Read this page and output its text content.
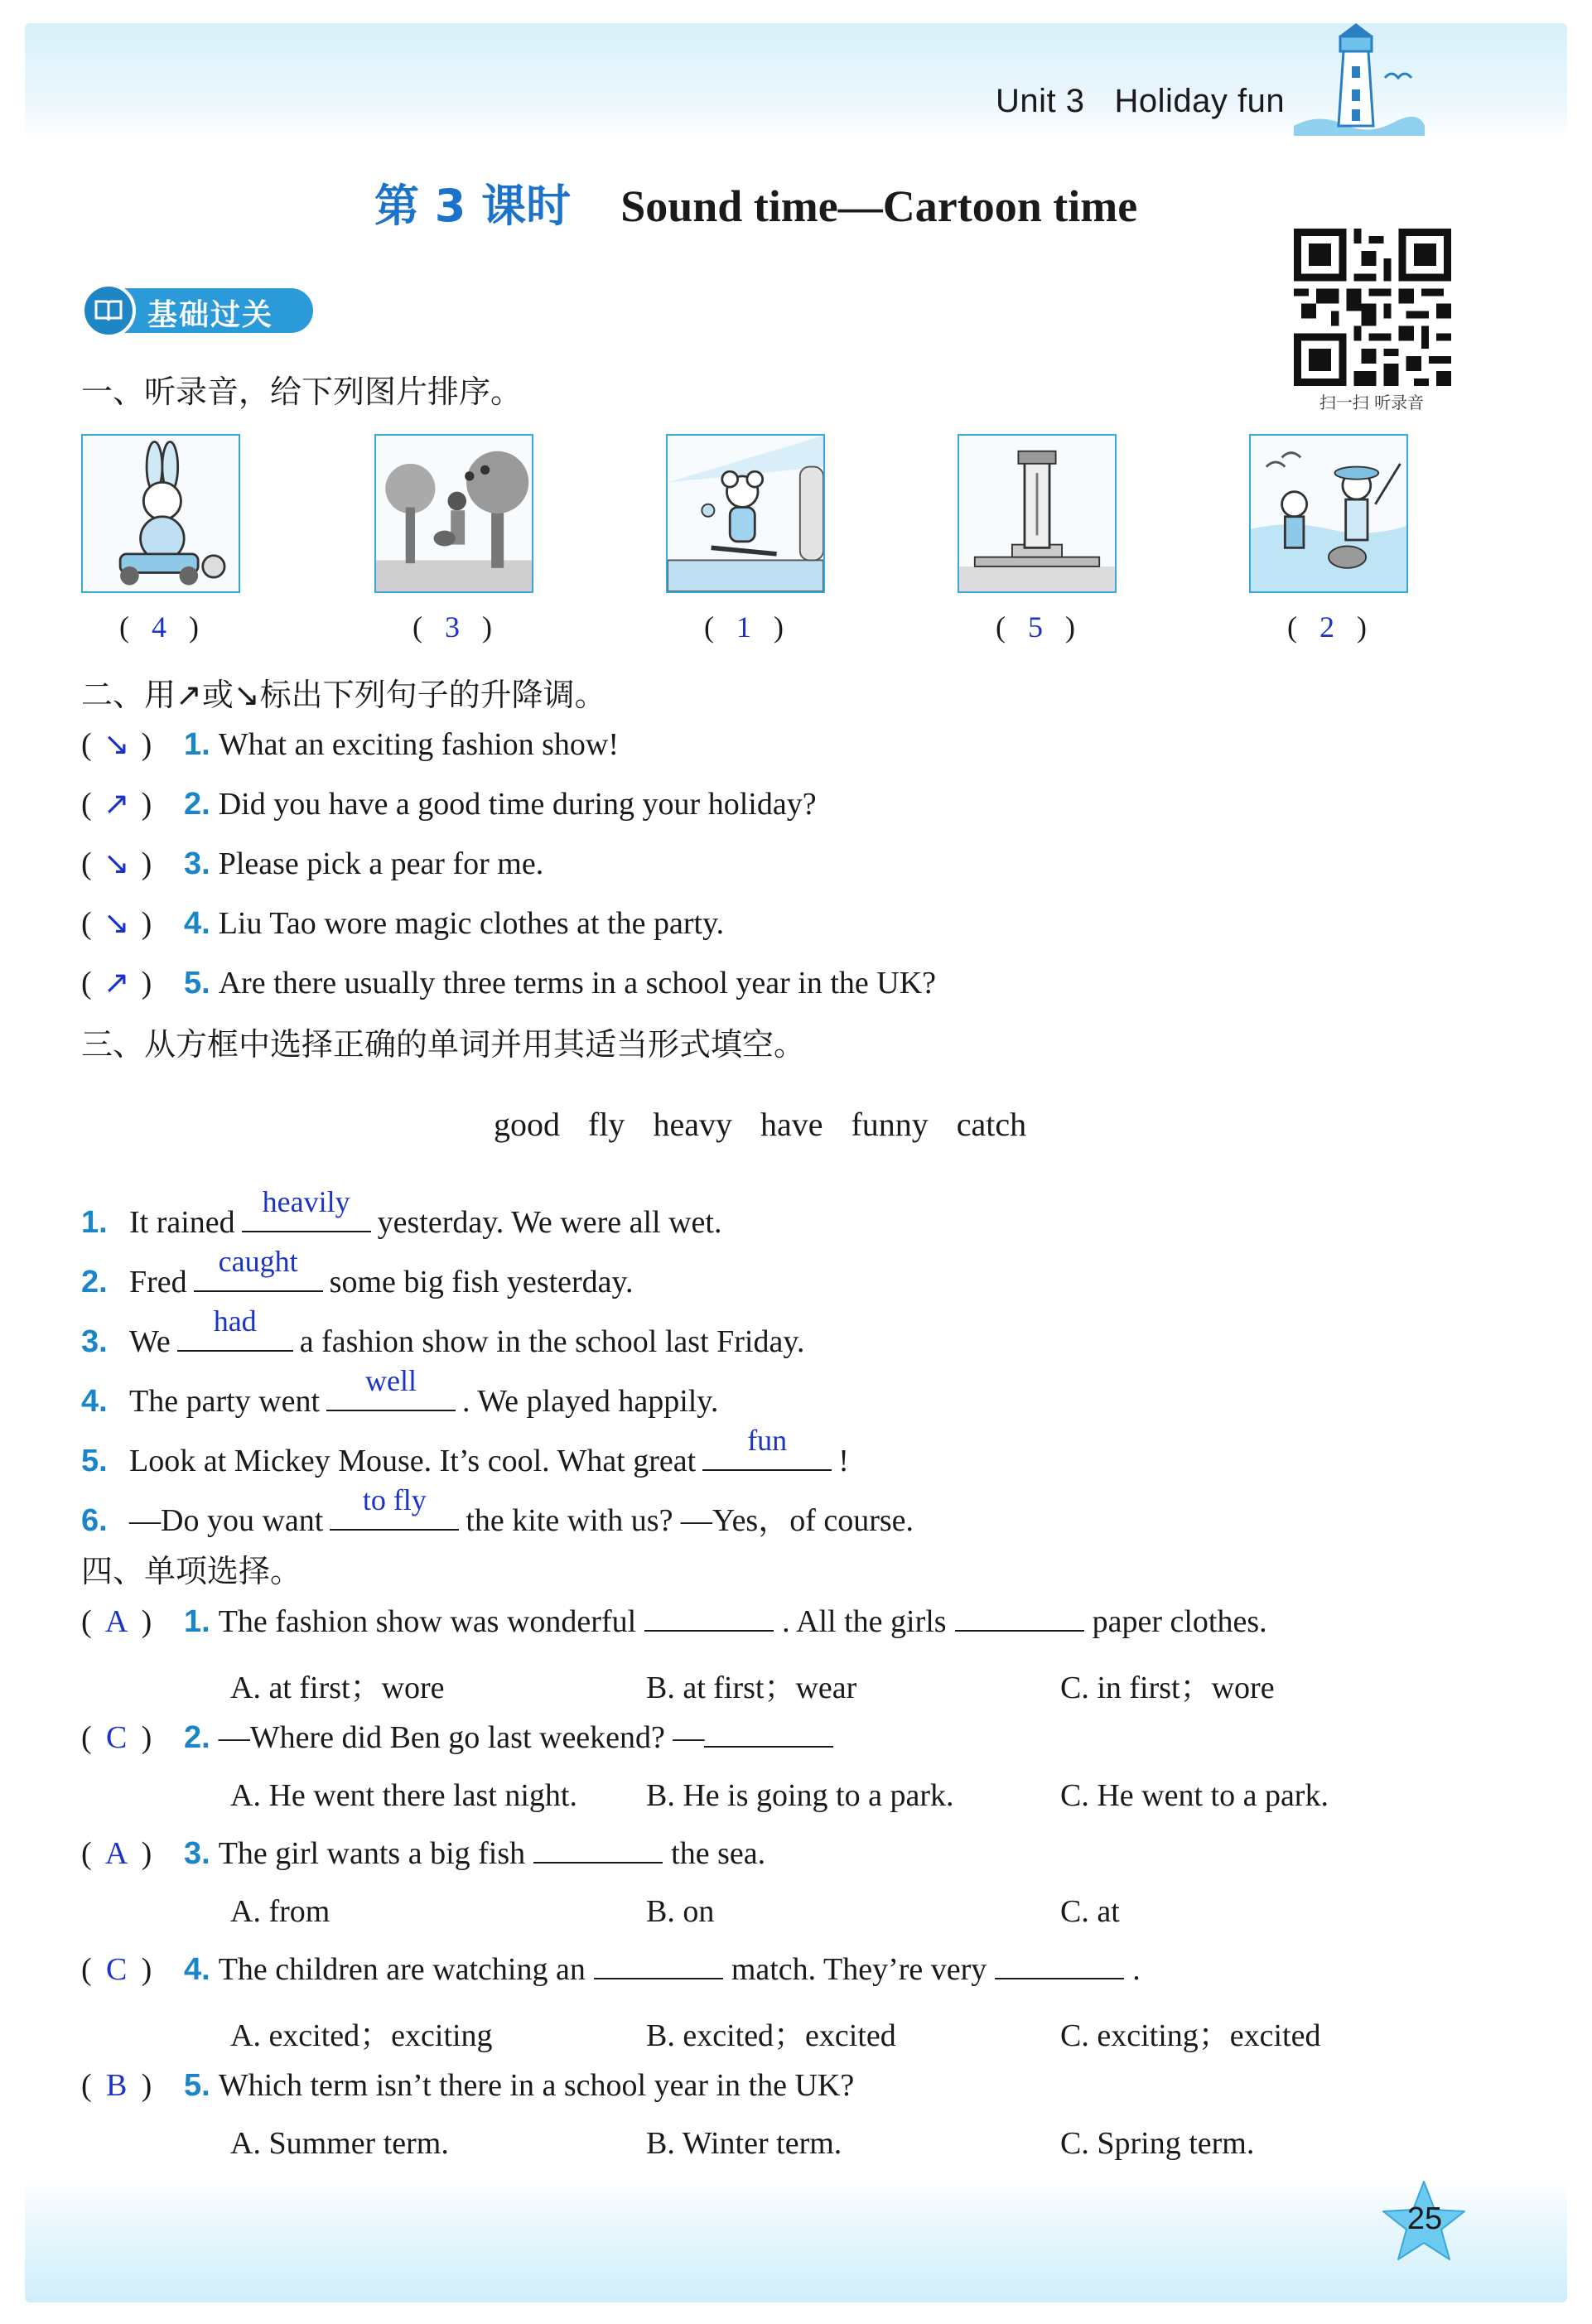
Unit 3 Holiday fun
第 3 课时 Sound time—Cartoon time
扫一扫 听录音
基础过关
一、听录音，给下列图片排序。
(   4   )	(   3   )	(   1   )	(   5   )	(   2   )
二、用↗或↘标出下列句子的升降调。
( ↘ ) 1. What an exciting fashion show!
( ↗ ) 2. Did you have a good time during your holiday?
( ↘ ) 3. Please pick a pear for me.
( ↘ ) 4. Liu Tao wore magic clothes at the party.
( ↗ ) 5. Are there usually three terms in a school year in the UK?
三、从方框中选择正确的单词并用其适当形式填空。
good fly heavy have funny catch
1. It rained
heavily
yesterday. We were all wet.
2. Fred
caught
some big fish yesterday.
3. We
had
a fashion show in the school last Friday.
4. The party went
well
. We played happily.
5. Look at Mickey Mouse. It’s cool. What great
fun
!
6. —Do you want
to fly
the kite with us? —Yes，of course.
四、单项选择。
( A ) 1. The fashion show was wonderful	. All the girls	paper clothes.
A. at first；wore	B. at first；wear	C. in first；wore
( C ) 2. —Where did Ben go last weekend? —
A. He went there last night. B. He is going to a park.	C. He went to a park.
( A ) 3. The girl wants a big fish	the sea.
A. from	B. on	C. at
( C ) 4. The children are watching an	match. They’re very	.
A. excited；exciting	B. excited；excited	C. exciting；excited
( B ) 5. Which term isn’t there in a school year in the UK?
A. Summer term.	B. Winter term.	C. Spring term.
25
